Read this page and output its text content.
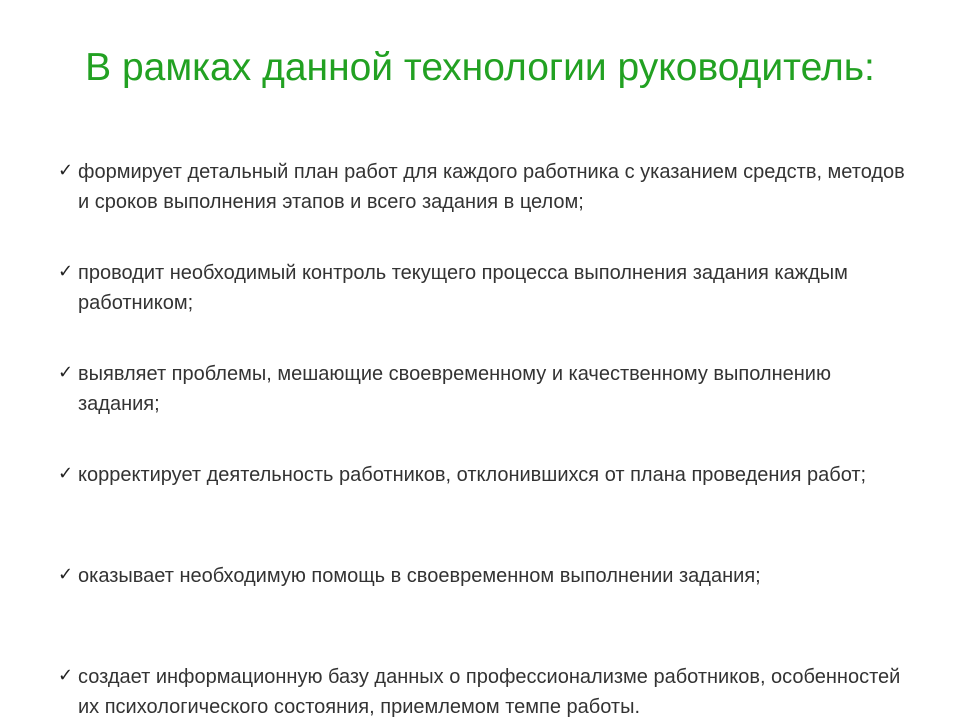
В рамках данной технологии руководитель:
✓ формирует детальный план работ для каждого работника с указанием средств, методов и сроков выполнения этапов и всего задания в целом;
✓ проводит необходимый контроль текущего процесса выполнения задания каждым работником;
✓ выявляет проблемы, мешающие своевременному и качественному выполнению задания;
✓ корректирует деятельность работников, отклонившихся от плана проведения работ;
✓ оказывает необходимую помощь в своевременном выполнении задания;
✓ создает информационную базу данных о профессионализме работников, особенностей их психологического состояния, приемлемом темпе работы.
